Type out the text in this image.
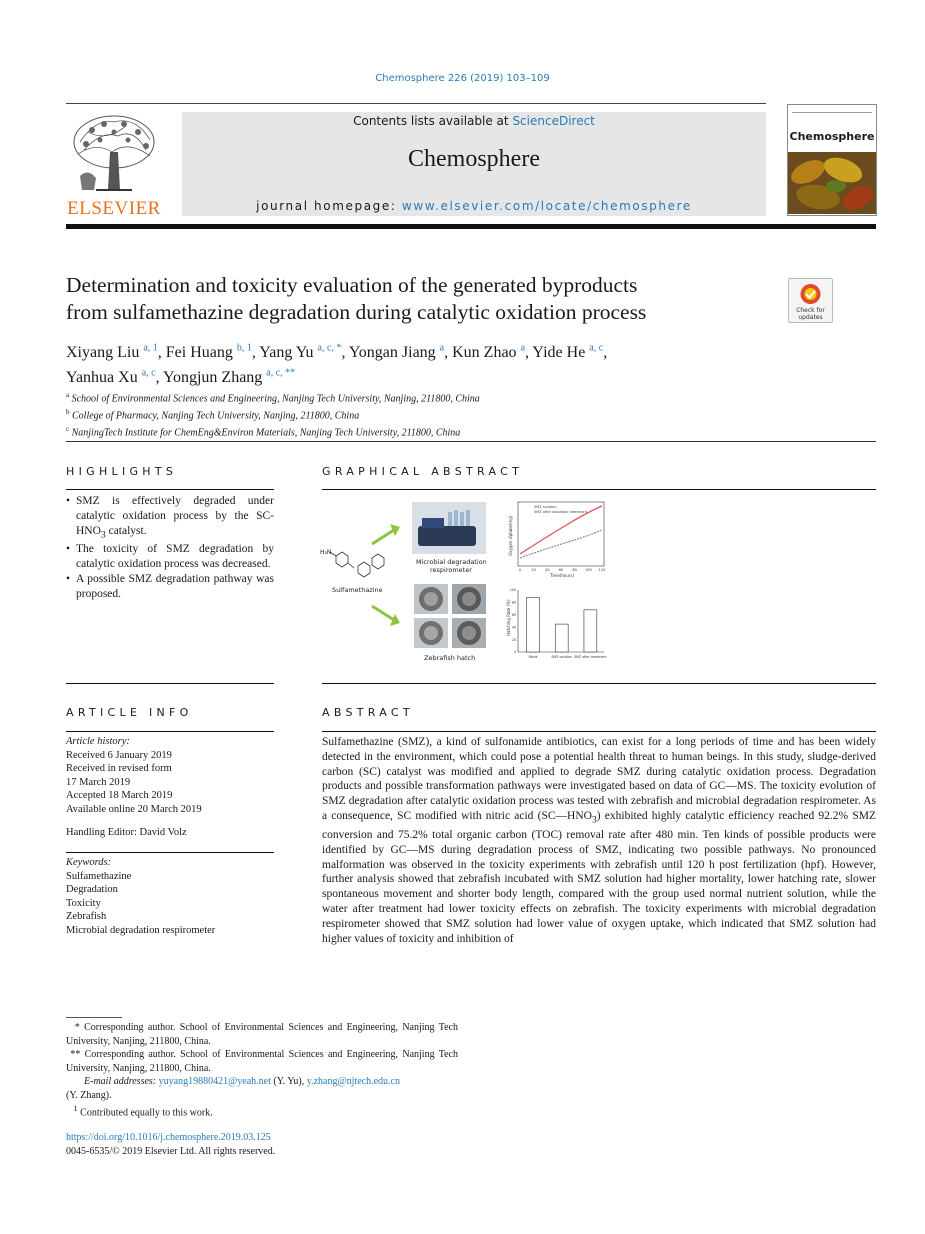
Chemosphere 226 (2019) 103–109
ELSEVIER
Contents lists available at ScienceDirect
Chemosphere
journal homepage: www.elsevier.com/locate/chemosphere
Chemosphere
Determination and toxicity evaluation of the generated byproducts
from sulfamethazine degradation during catalytic oxidation process	Check for
updates
Xiyang Liu $^{a, 1}$, Fei Huang $^{b, 1}$, Yang Yu $^{a, c, *}$, Yongan Jiang $^a$, Kun Zhao $^a$, Yide He $^{a, c}$,
Yanhua Xu $^{a, c}$, Yongjun Zhang $^{a, c, **}$
$^a$ School of Environmental Sciences and Engineering, Nanjing Tech University, Nanjing, 211800, China
$^b$ College of Pharmacy, Nanjing Tech University, Nanjing, 211800, China
$^c$ NanjingTech Institute for ChemEng&Environ Materials, Nanjing Tech University, 211800, China
HIGHLIGHTS	GRAPHICAL ABSTRACT
• SMZ is effectively degraded under catalytic oxidation process by the $SC-HNO_3$ catalyst.
• The toxicity of SMZ degradation by catalytic oxidation process was decreased.
• A possible SMZ degradation pathway was proposed.
H₂N
Sulfamethazine
Microbial degradation
respirometer
SMZ solution
SMZ after oxidation treatment
0	20	40	60	80 100 120
Time(hours)
Oxygen Uptake(mg)
Zebrafish hatch
Hatching Rate (%)
Blank	SMZ solution SMZ after treatment
0
20
40
60
80
100
ARTICLE INFO	ABSTRACT
Article history:
Received 6 January 2019
Received in revised form
17 March 2019
Accepted 18 March 2019
Available online 20 March 2019
Handling Editor: David Volz
Keywords:
Sulfamethazine
Degradation
Toxicity
Zebrafish
Microbial degradation respirometer
Sulfamethazine (SMZ), a kind of sulfonamide antibiotics, can exist for a long periods of time and has been widely detected in the environment, which could pose a potential health threat to human beings. In this study, sludge-derived carbon (SC) catalyst was modified and applied to degrade SMZ during catalytic oxidation process. Degradation products and possible transformation pathways were investigated based on data of GC—MS. The toxicity evolution of SMZ degradation after catalytic oxidation process was tested with zebrafish and microbial degradation respirometer. As a consequence, SC modified with nitric acid $(SC—HNO_3)$ exhibited highly catalytic efficiency reached 92.2% SMZ conversion and 75.2% total organic carbon (TOC) removal rate after 480 min. Ten kinds of possible products were identified by GC—MS during degradation process of SMZ, indicating two possible pathways. No pronounced malformation was observed in the toxicity experiments with zebrafish until 120 h post fertilization (hpf). However, further analysis showed that zebrafish incubated with SMZ solution had higher mortality, lower hatching rate, slower spontaneous movement and shorter body length, compared with the group used normal nutrient solution, while the water after treatment had lower toxicity effects on zebrafish. The toxicity experiments with microbial degradation respirometer showed that SMZ solution had lower value of oxygen uptake, which indicated that SMZ solution had higher values of toxicity and inhibition of
* Corresponding author. School of Environmental Sciences and Engineering, Nanjing Tech University, Nanjing, 211800, China.
** Corresponding author. School of Environmental Sciences and Engineering, Nanjing Tech University, Nanjing, 211800, China.
E-mail addresses: yuyang19880421@yeah.net (Y. Yu), y.zhang@njtech.edu.cn
(Y. Zhang).
$^1$ Contributed equally to this work.
https://doi.org/10.1016/j.chemosphere.2019.03.125
0045-6535/© 2019 Elsevier Ltd. All rights reserved.
